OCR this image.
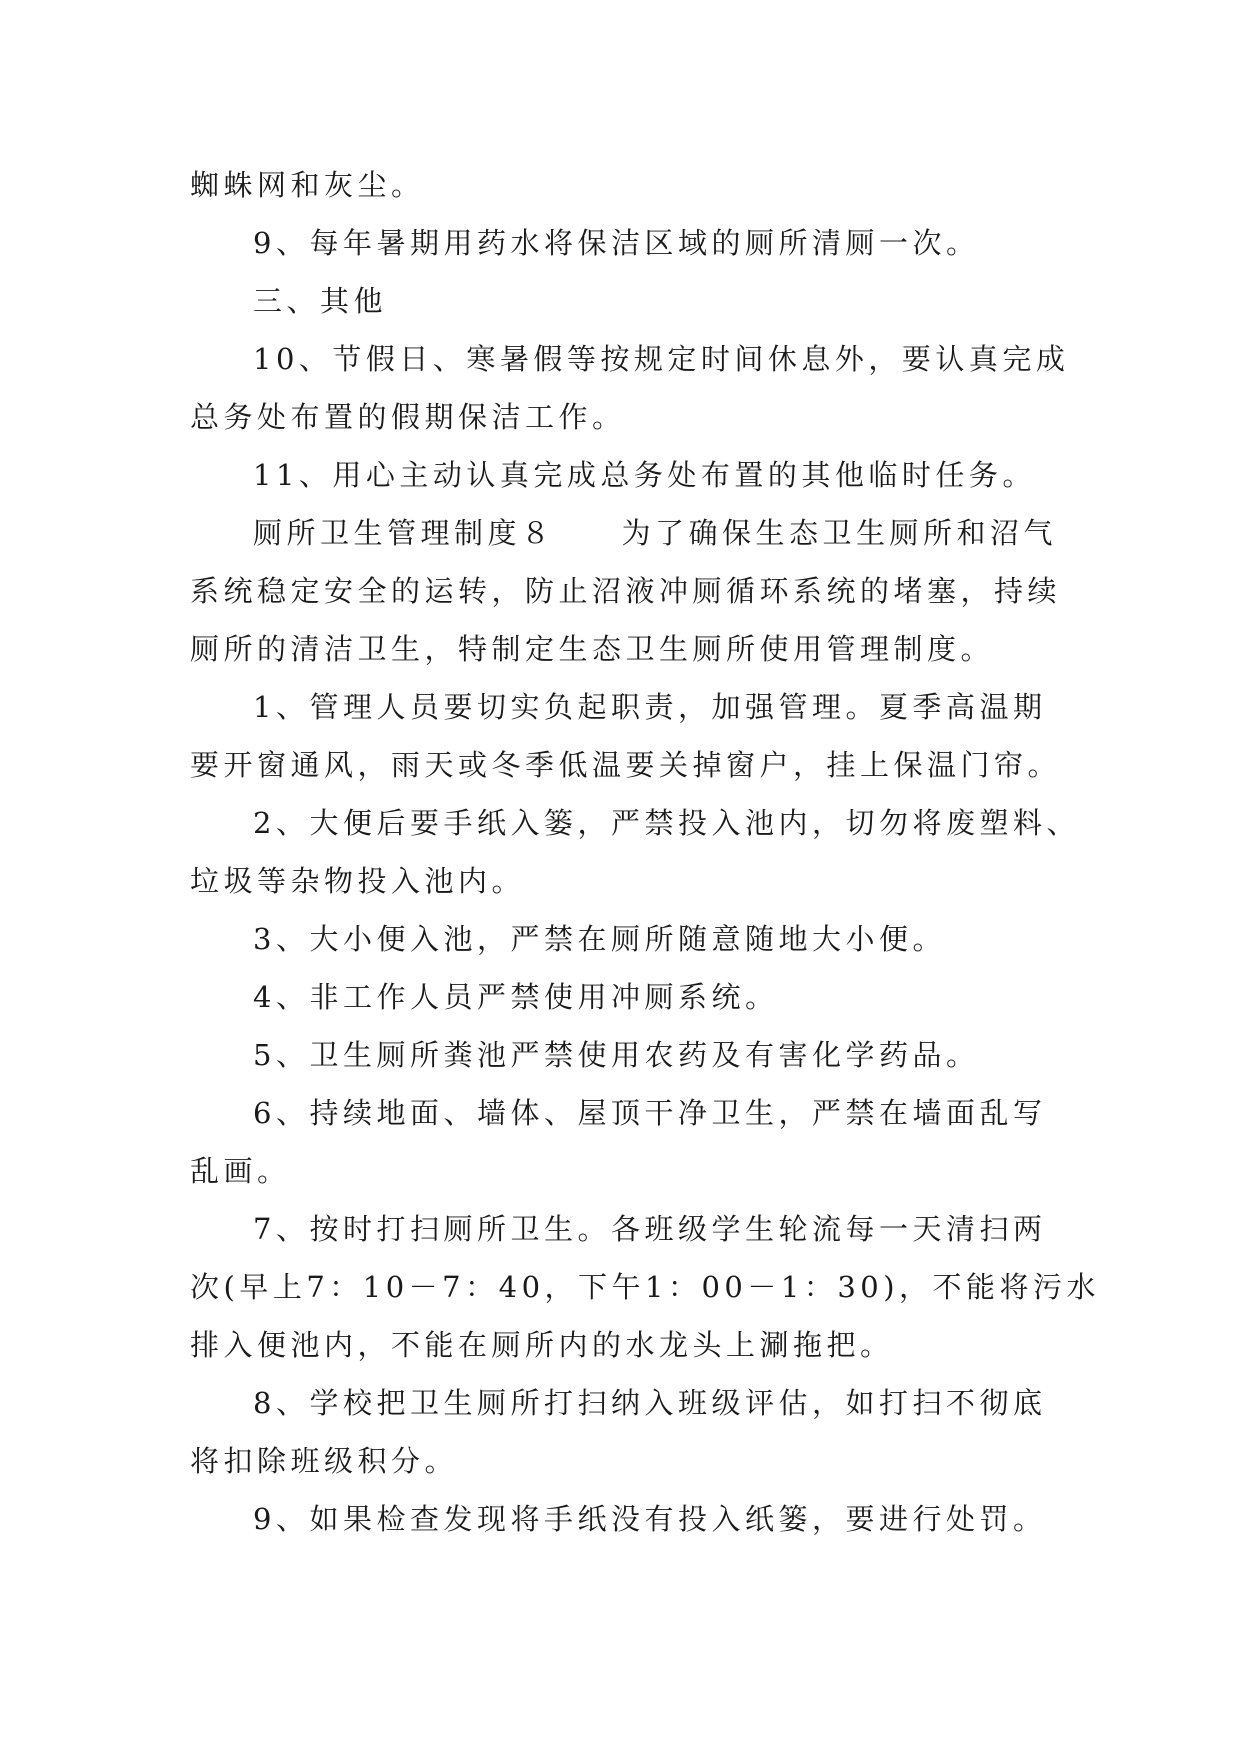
蜘蛛网和灰尘。
9、每年暑期用药水将保洁区域的厕所清厕一次。
三、其他
10、节假日、寒暑假等按规定时间休息外，要认真完成
总务处布置的假期保洁工作。
11、用心主动认真完成总务处布置的其他临时任务。
厕所卫生管理制度８　　为了确保生态卫生厕所和沼气
系统稳定安全的运转，防止沼液冲厕循环系统的堵塞，持续
厕所的清洁卫生，特制定生态卫生厕所使用管理制度。
1、管理人员要切实负起职责，加强管理。夏季高温期
要开窗通风，雨天或冬季低温要关掉窗户，挂上保温门帘。
2、大便后要手纸入篓，严禁投入池内，切勿将废塑料、
垃圾等杂物投入池内。
3、大小便入池，严禁在厕所随意随地大小便。
4、非工作人员严禁使用冲厕系统。
5、卫生厕所粪池严禁使用农药及有害化学药品。
6、持续地面、墙体、屋顶干净卫生，严禁在墙面乱写
乱画。
7、按时打扫厕所卫生。各班级学生轮流每一天清扫两
次(早上7：10－7：40，下午1：00－1：30)，不能将污水
排入便池内，不能在厕所内的水龙头上涮拖把。
8、学校把卫生厕所打扫纳入班级评估，如打扫不彻底
将扣除班级积分。
9、如果检查发现将手纸没有投入纸篓，要进行处罚。
